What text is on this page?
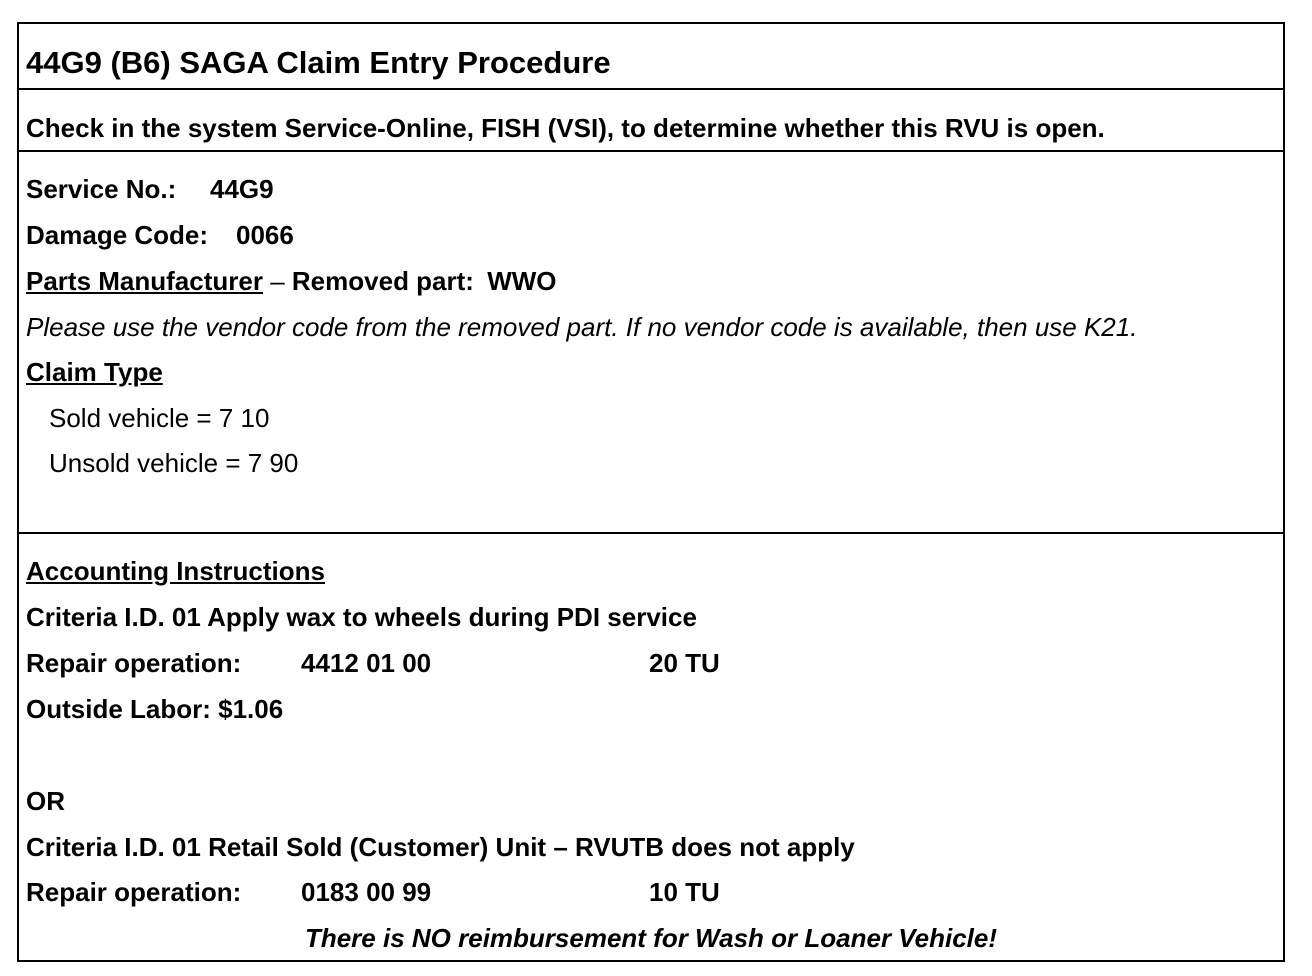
44G9 (B6) SAGA Claim Entry Procedure
Check in the system Service-Online, FISH (VSI), to determine whether this RVU is open.
Service No.: 44G9
Damage Code: 0066
Parts Manufacturer – Removed part: WWO
Please use the vendor code from the removed part. If no vendor code is available, then use K21.
Claim Type
Sold vehicle = 7 10
Unsold vehicle = 7 90
Accounting Instructions
Criteria I.D. 01 Apply wax to wheels during PDI service
Repair operation: 4412 01 00	20 TU
Outside Labor: $1.06
OR
Criteria I.D. 01 Retail Sold (Customer) Unit – RVUTB does not apply
Repair operation: 0183 00 99	10 TU
There is NO reimbursement for Wash or Loaner Vehicle!
